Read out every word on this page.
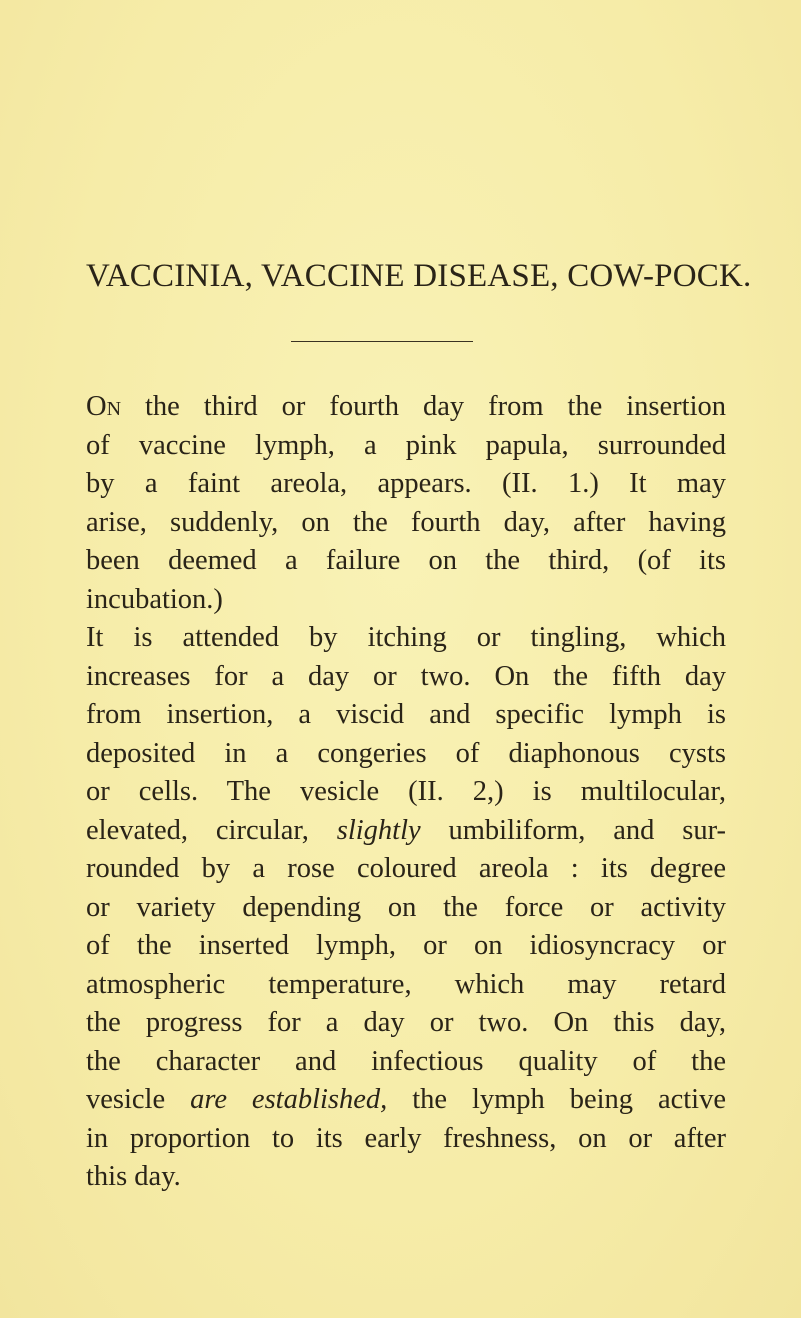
VACCINIA, VACCINE DISEASE, COW-POCK.
On the third or fourth day from the insertion
of vaccine lymph, a pink papula, surrounded
by a faint areola, appears. (II. 1.) It may
arise, suddenly, on the fourth day, after having
been deemed a failure on the third, (of its
incubation.)
It is attended by itching or tingling, which
increases for a day or two. On the fifth day
from insertion, a viscid and specific lymph is
deposited in a congeries of diaphonous cysts
or cells. The vesicle (II. 2,) is multilocular,
elevated, circular, slightly umbiliform, and sur-
rounded by a rose coloured areola : its degree
or variety depending on the force or activity
of the inserted lymph, or on idiosyncracy or
atmospheric temperature, which may retard
the progress for a day or two. On this day,
the character and infectious quality of the
vesicle are established, the lymph being active
in proportion to its early freshness, on or after
this day.
